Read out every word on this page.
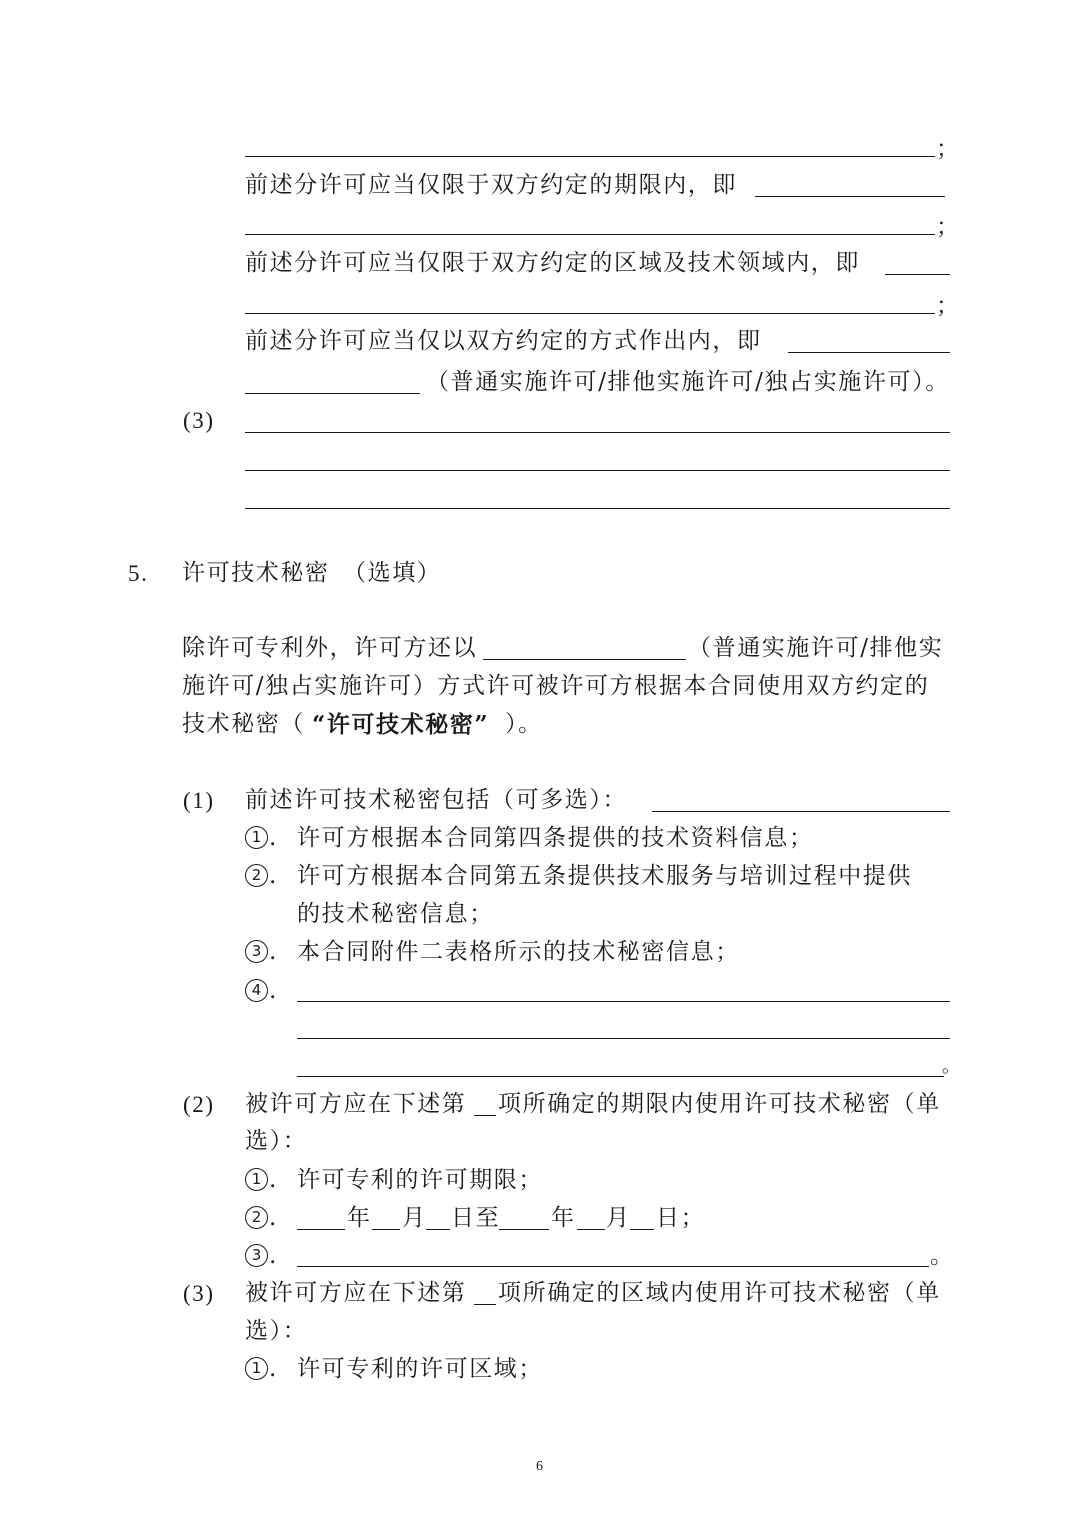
；
前述分许可应当仅限于双方约定的期限内，即
；
前述分许可应当仅限于双方约定的区域及技术领域内，即
；
前述分许可应当仅以双方约定的方式作出内，即
（普通实施许可/排他实施许可/独占实施许可）。
(3)
5. 许可技术秘密 （选填）
除许可专利外，许可方还以	（普通实施许可/排他实
施许可/独占实施许可）方式许可被许可方根据本合同使用双方约定的
技术秘密（ “许可技术秘密” ）。
(1) 前述许可技术秘密包括（可多选）：
1 . 许可方根据本合同第四条提供的技术资料信息；
2 . 许可方根据本合同第五条提供技术服务与培训过程中提供
的技术秘密信息；
3 . 本合同附件二表格所示的技术秘密信息；
4 .
。
(2) 被许可方应在下述第 项所确定的期限内使用许可技术秘密（单
选）：
1 . 许可专利的许可期限；
2 .	年 月 日至 年 月 日；
3 .	。
(3) 被许可方应在下述第 项所确定的区域内使用许可技术秘密（单
选）：
1 . 许可专利的许可区域；
6
